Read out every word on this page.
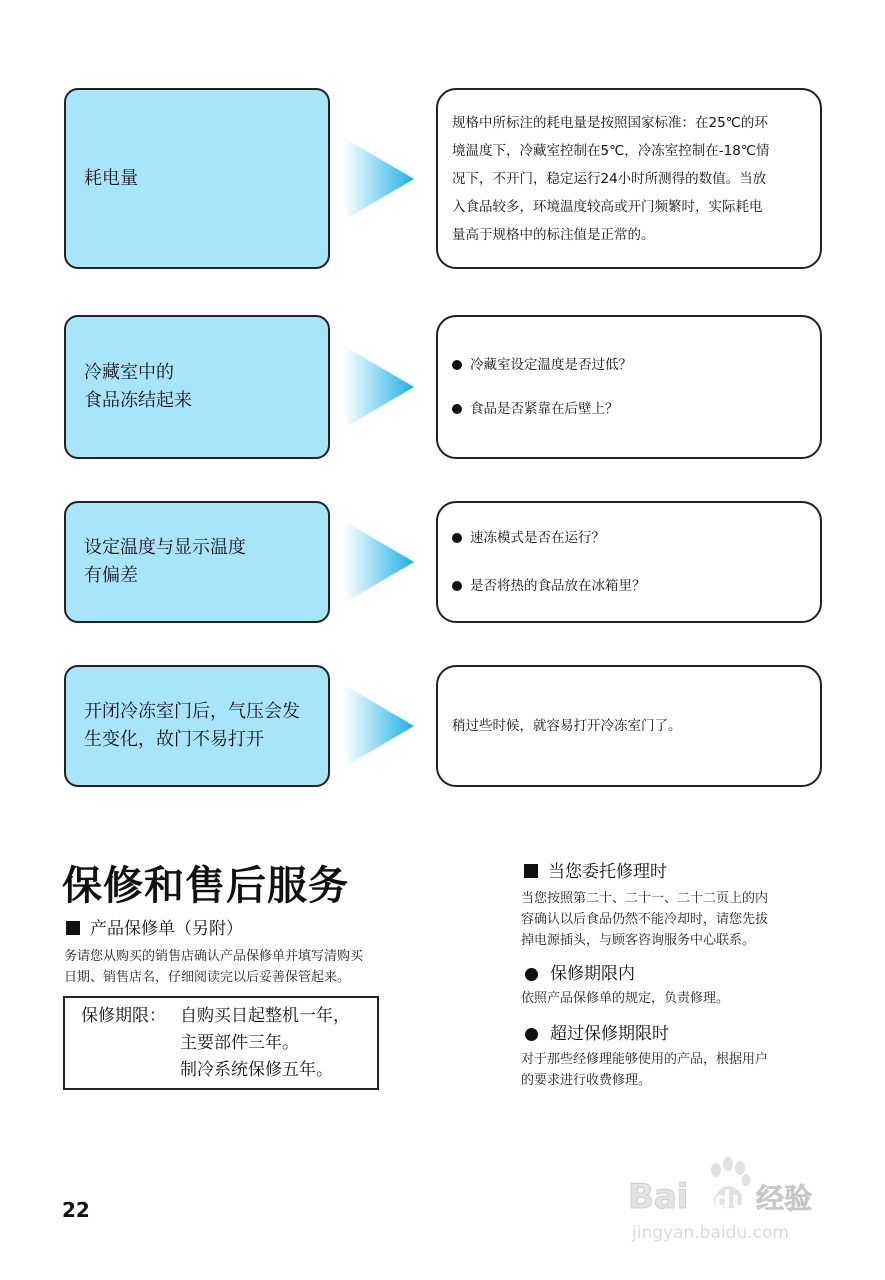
耗电量
规格中所标注的耗电量是按照国家标准：在25℃的环
境温度下，冷藏室控制在5℃，冷冻室控制在-18℃情
况下，不开门，稳定运行24小时所测得的数值。当放
入食品较多，环境温度较高或开门频繁时，实际耗电
量高于规格中的标注值是正常的。
冷藏室中的
食品冻结起来
冷藏室设定温度是否过低？
食品是否紧靠在后壁上？
设定温度与显示温度
有偏差
速冻模式是否在运行？
是否将热的食品放在冰箱里？
开闭冷冻室门后，气压会发
生变化，故门不易打开
稍过些时候，就容易打开冷冻室门了。
保修和售后服务
产品保修单（另附）
务请您从购买的销售店确认产品保修单并填写清购买
日期、销售店名，仔细阅读完以后妥善保管起来。
保修期限： 自购买日起整机一年，
主要部件三年。
制冷系统保修五年。
当您委托修理时
当您按照第二十、二十一、二十二页上的内
容确认以后食品仍然不能冷却时，请您先拔
掉电源插头，与顾客咨询服务中心联系。
保修期限内
依照产品保修单的规定，负责修理。
超过保修期限时
对于那些经修理能够使用的产品，根据用户
的要求进行收费修理。
22	Bai du 经验
jingyan.baidu.com
